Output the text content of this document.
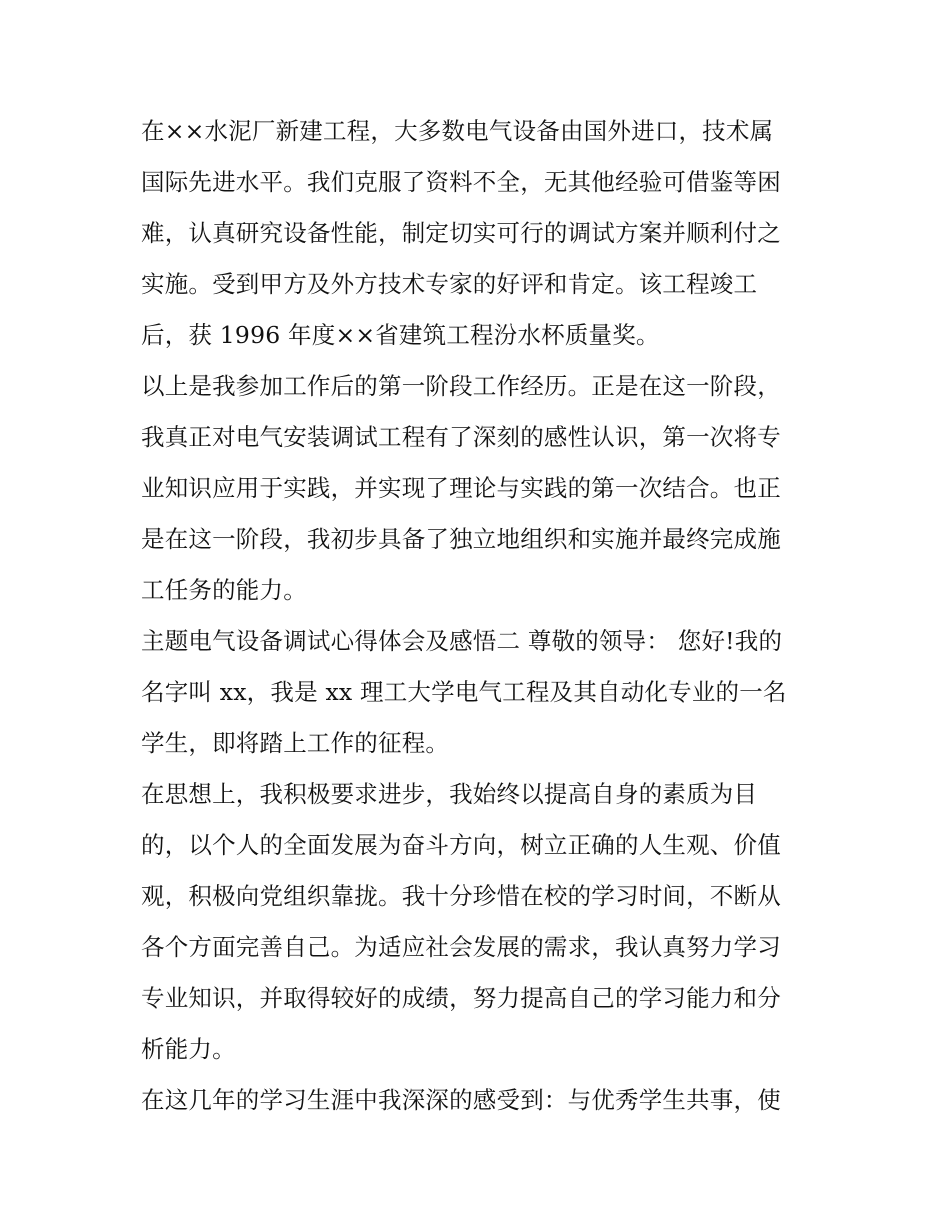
在××水泥厂新建工程，大多数电气设备由国外进口，技术属
国际先进水平。我们克服了资料不全，无其他经验可借鉴等困
难，认真研究设备性能，制定切实可行的调试方案并顺利付之
实施。受到甲方及外方技术专家的好评和肯定。该工程竣工
后，获 1996 年度××省建筑工程汾水杯质量奖。
以上是我参加工作后的第一阶段工作经历。正是在这一阶段，
我真正对电气安装调试工程有了深刻的感性认识，第一次将专
业知识应用于实践，并实现了理论与实践的第一次结合。也正
是在这一阶段，我初步具备了独立地组织和实施并最终完成施
工任务的能力。
主题电气设备调试心得体会及感悟二 尊敬的领导： 您好!我的
名字叫 xx，我是 xx 理工大学电气工程及其自动化专业的一名
学生，即将踏上工作的征程。
在思想上，我积极要求进步，我始终以提高自身的素质为目
的，以个人的全面发展为奋斗方向，树立正确的人生观、价值
观，积极向党组织靠拢。我十分珍惜在校的学习时间，不断从
各个方面完善自己。为适应社会发展的需求，我认真努力学习
专业知识，并取得较好的成绩，努力提高自己的学习能力和分
析能力。
在这几年的学习生涯中我深深的感受到：与优秀学生共事，使
